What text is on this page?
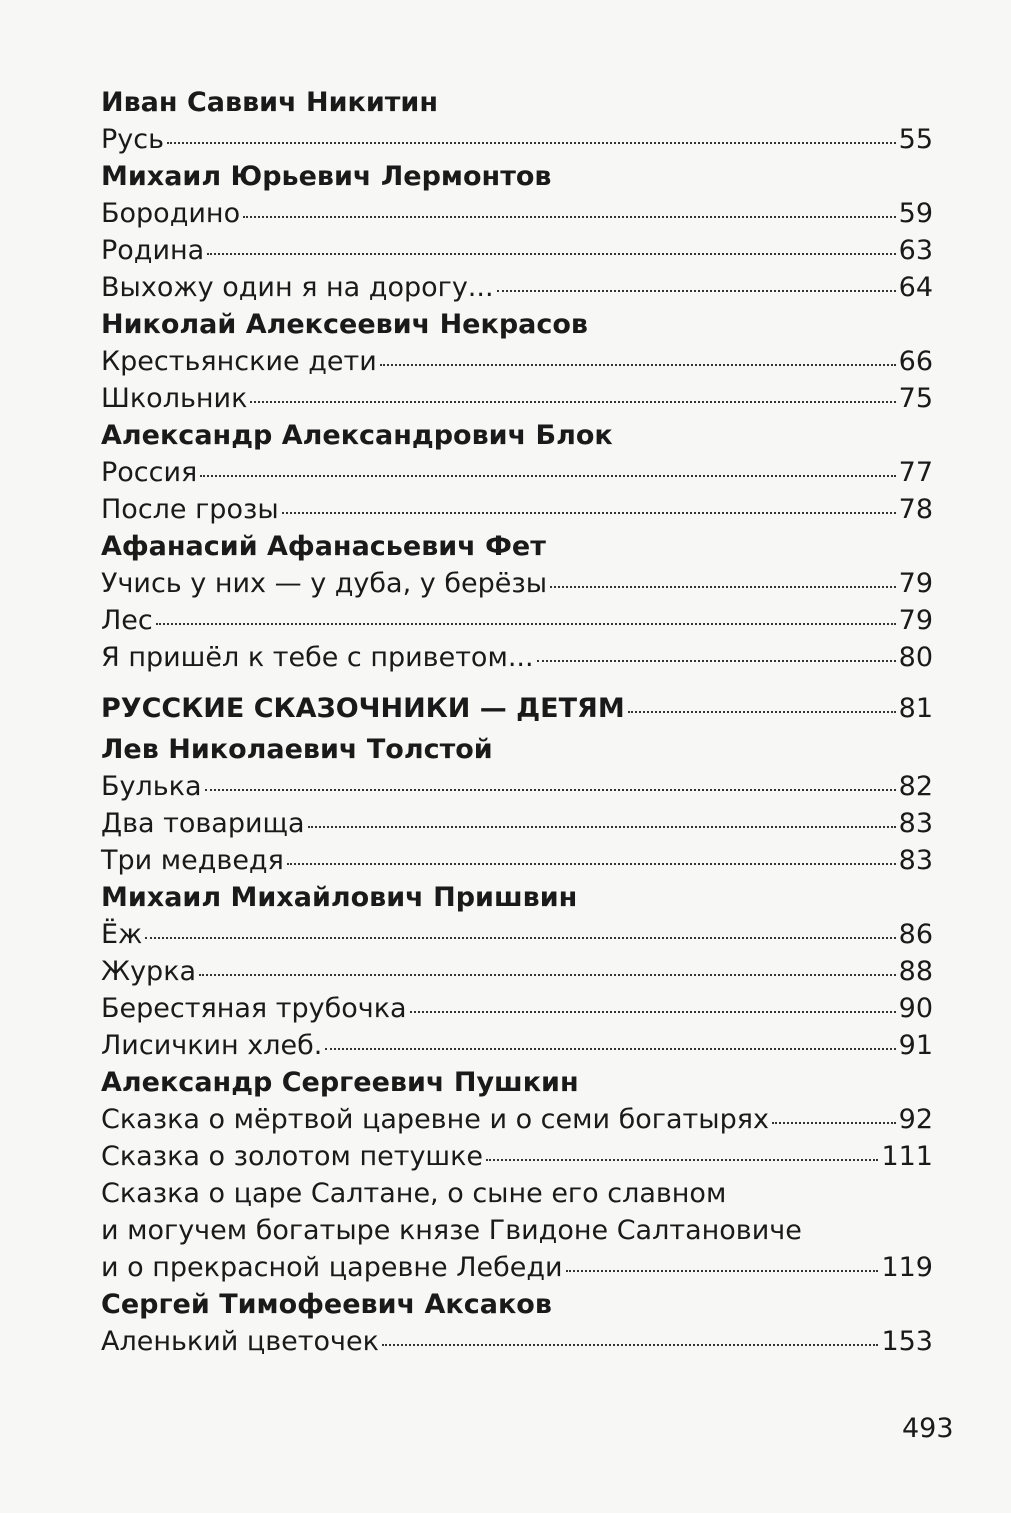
Иван Саввич Никитин
Русь	55
Михаил Юрьевич Лермонтов
Бородино	59
Родина	63
Выхожу один я на дорогу...	64
Николай Алексеевич Некрасов
Крестьянские дети	66
Школьник	75
Александр Александрович Блок
Россия	77
После грозы	78
Афанасий Афанасьевич Фет
Учись у них — у дуба, у берёзы	79
Лес	79
Я пришёл к тебе с приветом...	80
РУССКИЕ СКАЗОЧНИКИ — ДЕТЯМ	81
Лев Николаевич Толстой
Булька	82
Два товарища	83
Три медведя	83
Михаил Михайлович Пришвин
Ёж	86
Журка	88
Берестяная трубочка	90
Лисичкин хлеб.	91
Александр Сергеевич Пушкин
Сказка о мёртвой царевне и о семи богатырях	92
Сказка о золотом петушке	111
Сказка о царе Салтане, о сыне его славном
и могучем богатыре князе Гвидоне Салтановиче
и о прекрасной царевне Лебеди	119
Сергей Тимофеевич Аксаков
Аленький цветочек	153
493
